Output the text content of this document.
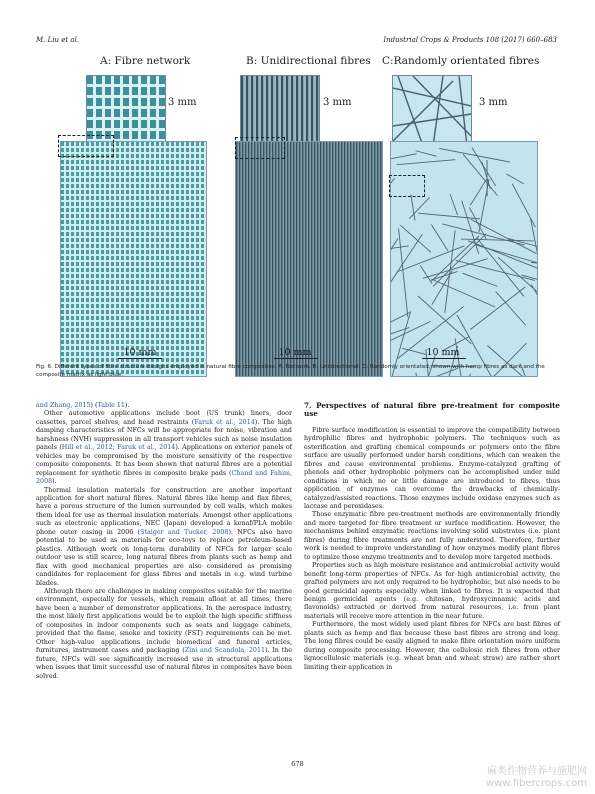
M. Liu et al.	Industrial Crops & Products 108 (2017) 660–683
A: Fibre network
3 mm
10 mm
B: Unidirectional fibres
3 mm
10 mm
C:Randomly orientated fibres
3 mm
10 mm
Fig. 6. Different types of fibre structure designs employed in natural fibre composites, A: Network, B: Unidirectional; C: Randomly orientated, shown with hemp fibres as dark and the composite matrix as light blue.

and Zhang, 2015) (Table 11).

Other automotive applications include boot (US trunk) liners, door cassettes, parcel shelves, and head restraints (Faruk et al., 2014). The high damping characteristics of NFCs will be appropriate for noise, vibration and harshness (NVH) suppression in all transport vehicles such as noise insulation panels (Hill et al., 2012; Faruk et al., 2014). Applications on exterior panels of vehicles may be compromised by the moisture sensitivity of the respective composite components. It has been shown that natural fibres are a potential replacement for synthetic fibres in composite brake pads (Chand and Fahim, 2008).

Thermal insulation materials for construction are another important application for short natural fibres. Natural fibres like hemp and flax fibres, have a porous structure of the lumen surrounded by cell walls, which makes them ideal for use as thermal insulation materials. Amongst other applications such as electronic applications, NEC (Japan) developed a kenaf/PLA mobile phone outer casing in 2006 (Staiger and Tucker, 2008). NFCs also have potential to be used as materials for eco-toys to replace petroleum-based plastics. Although work on long-term durability of NFCs for larger scale outdoor use is still scarce, long natural fibres from plants such as hemp and flax with good mechanical properties are also considered as promising candidates for replacement for glass fibres and metals in e.g. wind turbine blades.

Although there are challenges in making composites suitable for the marine environment, especially for vessels, which remain afloat at all times, there have been a number of demonstrator applications. In the aerospace industry, the most likely first applications would be to exploit the high specific stiffness of composites in indoor components such as seats and luggage cabinets, provided that the flame, smoke and toxicity (FST) requirements can be met. Other high-value applications include biomedical and funeral articles, furnitures, instrument cases and packaging (Zini and Scandola, 2011). In the future, NFCs will see significantly increased use in structural applications when issues that limit successful use of natural fibres in composites have been solved.

7. Perspectives of natural fibre pre-treatment for composite use

Fibre surface modification is essential to improve the compatibility between hydrophilic fibres and hydrophobic polymers. The techniques such as esterification and grafting chemical compounds or polymers onto the fibre surface are usually performed under harsh conditions, which can weaken the fibres and cause environmental problems. Enzyme-catalyzed grafting of phenols and other hydrophobic polymers can be accomplished under mild conditions in which no or little damage are introduced to fibres, thus application of enzymes can overcome the drawbacks of chemically-catalyzed/assisted reactions. Those enzymes include oxidase enzymes such as laccase and peroxidases.

Those enzymatic fibre pre-treatment methods are environmentally friendly and more targeted for fibre treatment or surface modification. However, the mechanisms behind enzymatic reactions involving solid substrates (i.e. plant fibres) during fibre treatments are not fully understood. Therefore, further work is needed to improve understanding of how enzymes modify plant fibres to optimize those enzyme treatments and to develop more targeted methods.

Properties such as high moisture resistance and antimicrobial activity would benefit long-term properties of NFCs. As for high antimicrobial activity, the grafted polymers are not only required to be hydrophobic, but also needs to be good germicidal agents especially when linked to fibres. It is expected that benign germicidal agents (e.g. chitosan, hydroxycinnamic acids and flavonoids) extracted or derived from natural resources, i.e. from plant materials will receive more attention in the near future.

Furthermore, the most widely used plant fibres for NFCs are bast fibres of plants such as hemp and flax because these bast fibres are strong and long. The long fibres could be easily aligned to make fibre orientation more uniform during composite processing. However, the cellulosic rich fibres from other lignocellulosic materials (e.g. wheat bran and wheat straw) are rather short limiting their application in

678
麻类作物营养与施肥网
www.fibercrops.com
